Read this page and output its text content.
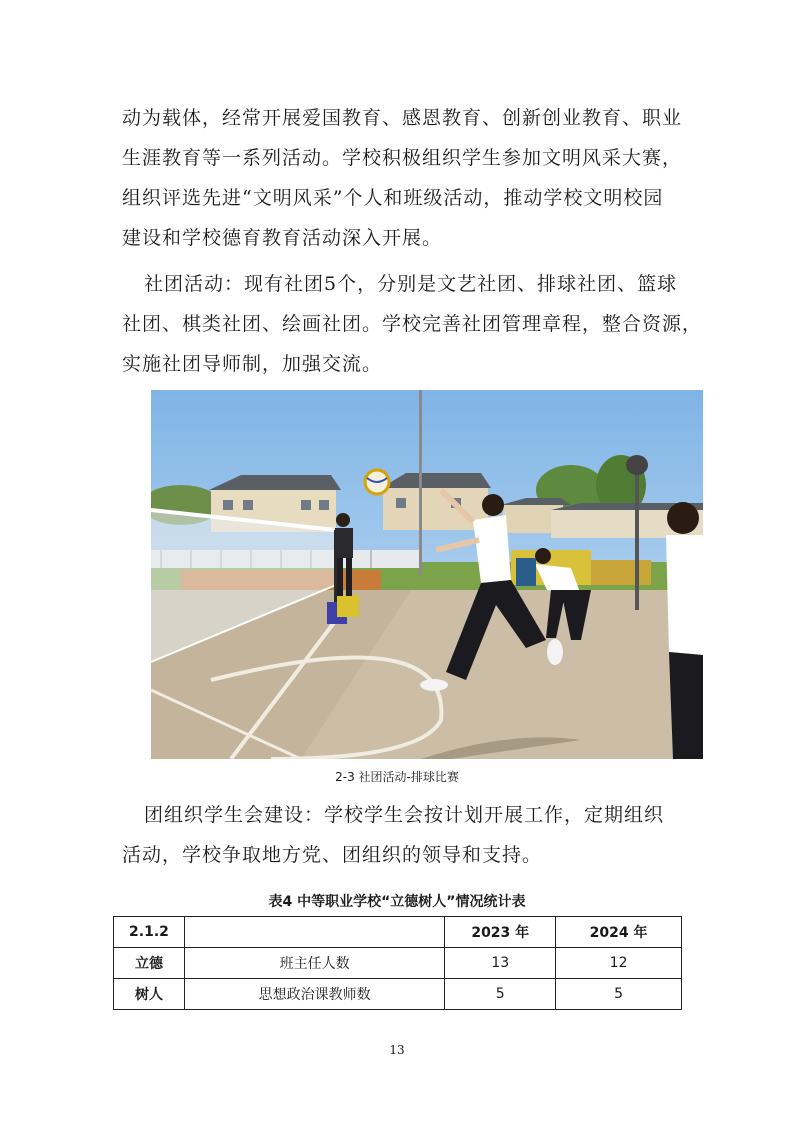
动为载体，经常开展爱国教育、感恩教育、创新创业教育、职业
生涯教育等一系列活动。学校积极组织学生参加文明风采大赛，
组织评选先进“文明风采”个人和班级活动，推动学校文明校园
建设和学校德育教育活动深入开展。
社团活动：现有社团5个，分别是文艺社团、排球社团、篮球
社团、棋类社团、绘画社团。学校完善社团管理章程，整合资源，
实施社团导师制，加强交流。
2-3 社团活动-排球比赛
团组织学生会建设：学校学生会按计划开展工作，定期组织
活动，学校争取地方党、团组织的领导和支持。
表4 中等职业学校“立德树人”情况统计表
2.1.2		2023 年	2024 年
立德	班主任人数	13	12
树人	思想政治课教师数	5	5
13
